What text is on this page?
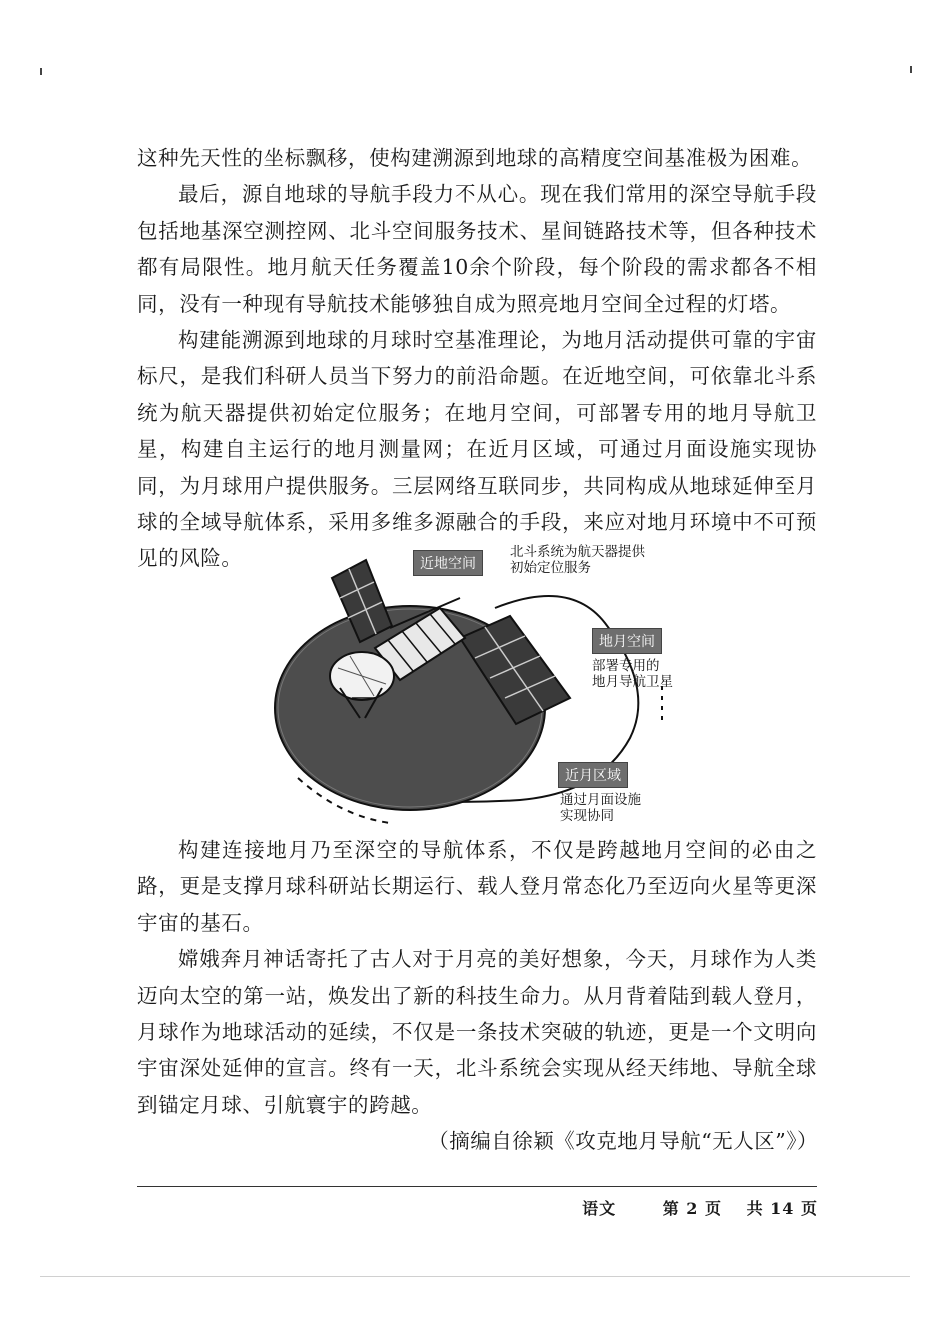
这种先天性的坐标飘移，使构建溯源到地球的高精度空间基准极为困难。

最后，源自地球的导航手段力不从心。现在我们常用的深空导航手段包括地基深空测控网、北斗空间服务技术、星间链路技术等，但各种技术都有局限性。地月航天任务覆盖10余个阶段，每个阶段的需求都各不相同，没有一种现有导航技术能够独自成为照亮地月空间全过程的灯塔。

构建能溯源到地球的月球时空基准理论，为地月活动提供可靠的宇宙标尺，是我们科研人员当下努力的前沿命题。在近地空间，可依靠北斗系统为航天器提供初始定位服务；在地月空间，可部署专用的地月导航卫星，构建自主运行的地月测量网；在近月区域，可通过月面设施实现协同，为月球用户提供服务。三层网络互联同步，共同构成从地球延伸至月球的全域导航体系，采用多维多源融合的手段，来应对地月环境中不可预见的风险。	近地空间
北斗系统为航天器提供
初始定位服务
地月空间
部署专用的
地月导航卫星
近月区域
通过月面设施
实现协同

构建连接地月乃至深空的导航体系，不仅是跨越地月空间的必由之路，更是支撑月球科研站长期运行、载人登月常态化乃至迈向火星等更深宇宙的基石。

嫦娥奔月神话寄托了古人对于月亮的美好想象，今天，月球作为人类迈向太空的第一站，焕发出了新的科技生命力。从月背着陆到载人登月，月球作为地球活动的延续，不仅是一条技术突破的轨迹，更是一个文明向宇宙深处延伸的宣言。终有一天，北斗系统会实现从经天纬地、导航全球到锚定月球、引航寰宇的跨越。

（摘编自徐颖《攻克地月导航“无人区”》）
语文	第 2 页 共 14 页
